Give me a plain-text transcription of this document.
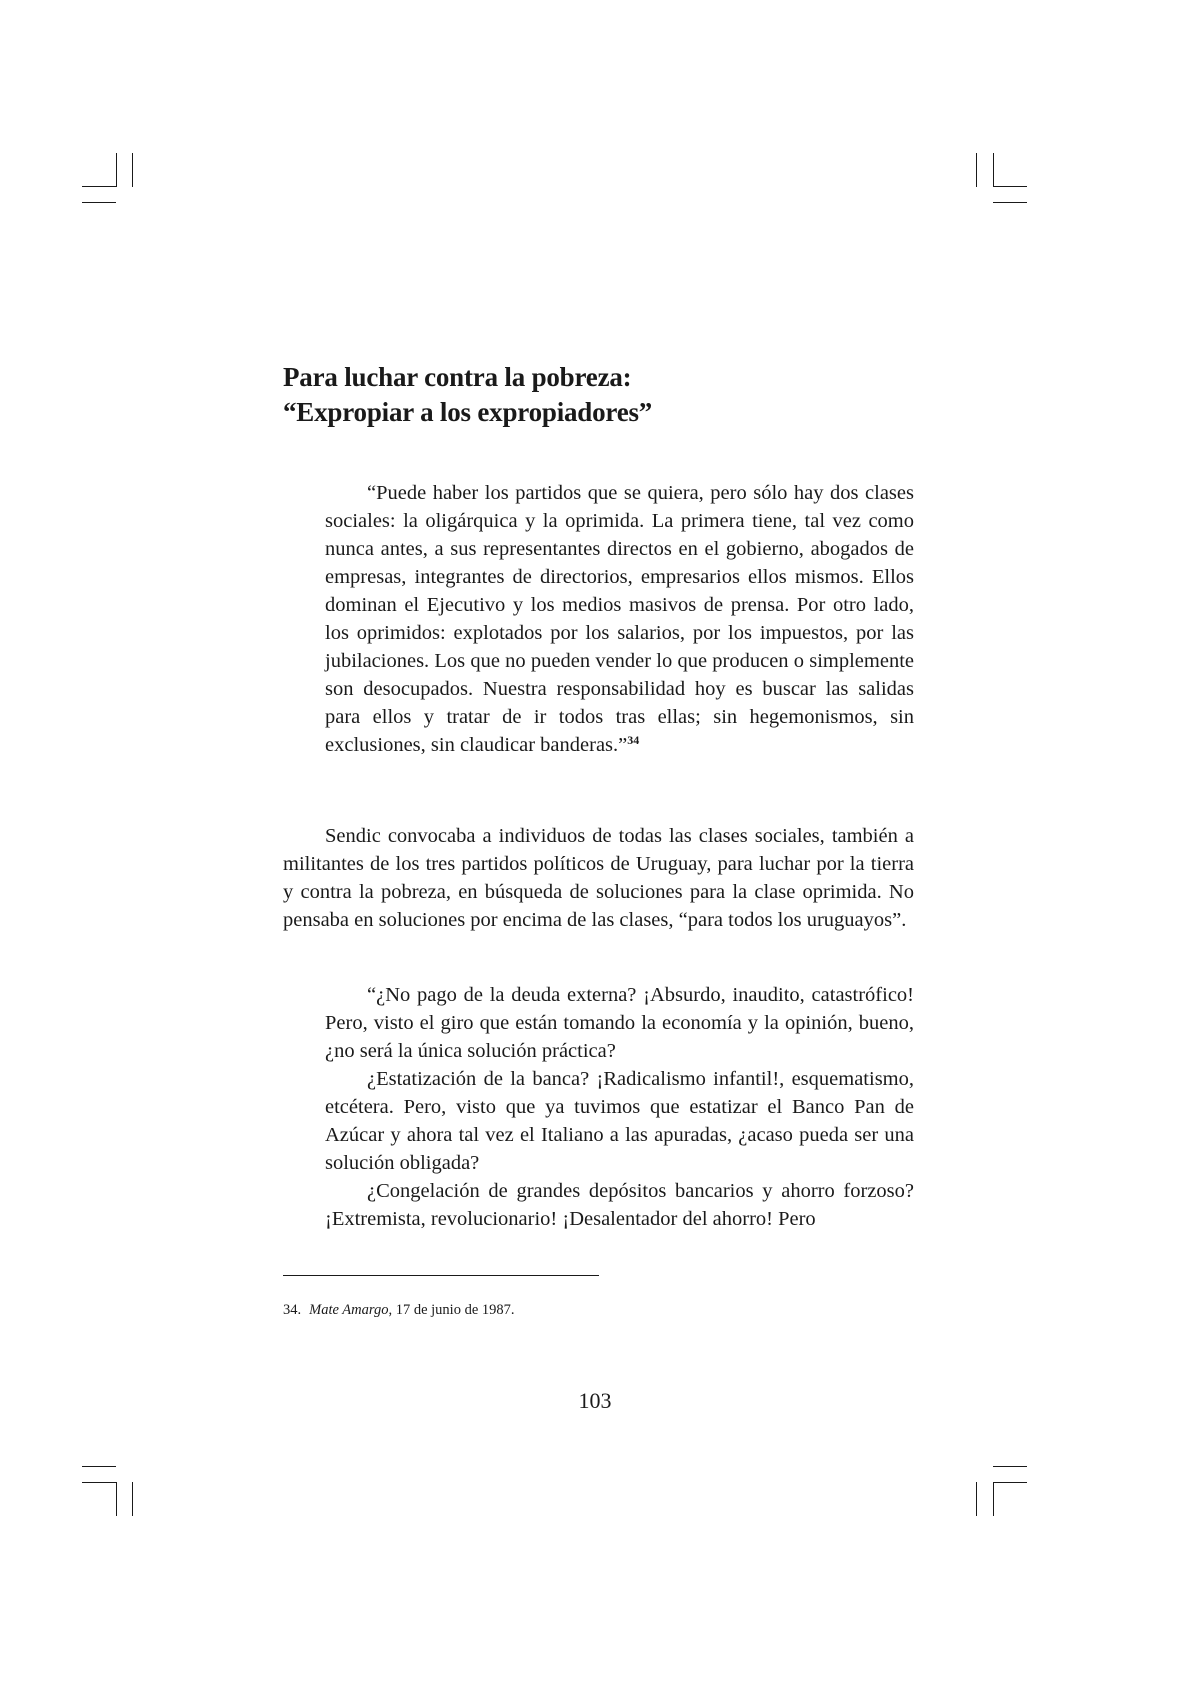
Para luchar contra la pobreza:
“Expropiar a los expropiadores”

“Puede haber los partidos que se quiera, pero sólo hay dos clases sociales: la oligárquica y la oprimida. La primera tiene, tal vez como nunca antes, a sus representantes directos en el gobierno, abogados de empresas, integrantes de directorios, empresarios ellos mismos. Ellos dominan el Ejecutivo y los medios masivos de prensa. Por otro lado, los oprimidos: explotados por los salarios, por los impuestos, por las jubilaciones. Los que no pueden vender lo que producen o simplemente son desocupados. Nuestra responsabilidad hoy es buscar las salidas para ellos y tratar de ir todos tras ellas; sin hegemonismos, sin exclusiones, sin claudicar banderas.”$^{34}$

Sendic convocaba a individuos de todas las clases sociales, también a militantes de los tres partidos políticos de Uruguay, para luchar por la tierra y contra la pobreza, en búsqueda de soluciones para la clase oprimida. No pensaba en soluciones por encima de las clases, “para todos los uruguayos”.

“¿No pago de la deuda externa? ¡Absurdo, inaudito, catastrófico! Pero, visto el giro que están tomando la economía y la opinión, bueno, ¿no será la única solución práctica?

¿Estatización de la banca? ¡Radicalismo infantil!, esquematismo, etcétera. Pero, visto que ya tuvimos que estatizar el Banco Pan de Azúcar y ahora tal vez el Italiano a las apuradas, ¿acaso pueda ser una solución obligada?

¿Congelación de grandes depósitos bancarios y ahorro forzoso? ¡Extremista, revolucionario! ¡Desalentador del ahorro! Pero

34. Mate Amargo, 17 de junio de 1987.
103
